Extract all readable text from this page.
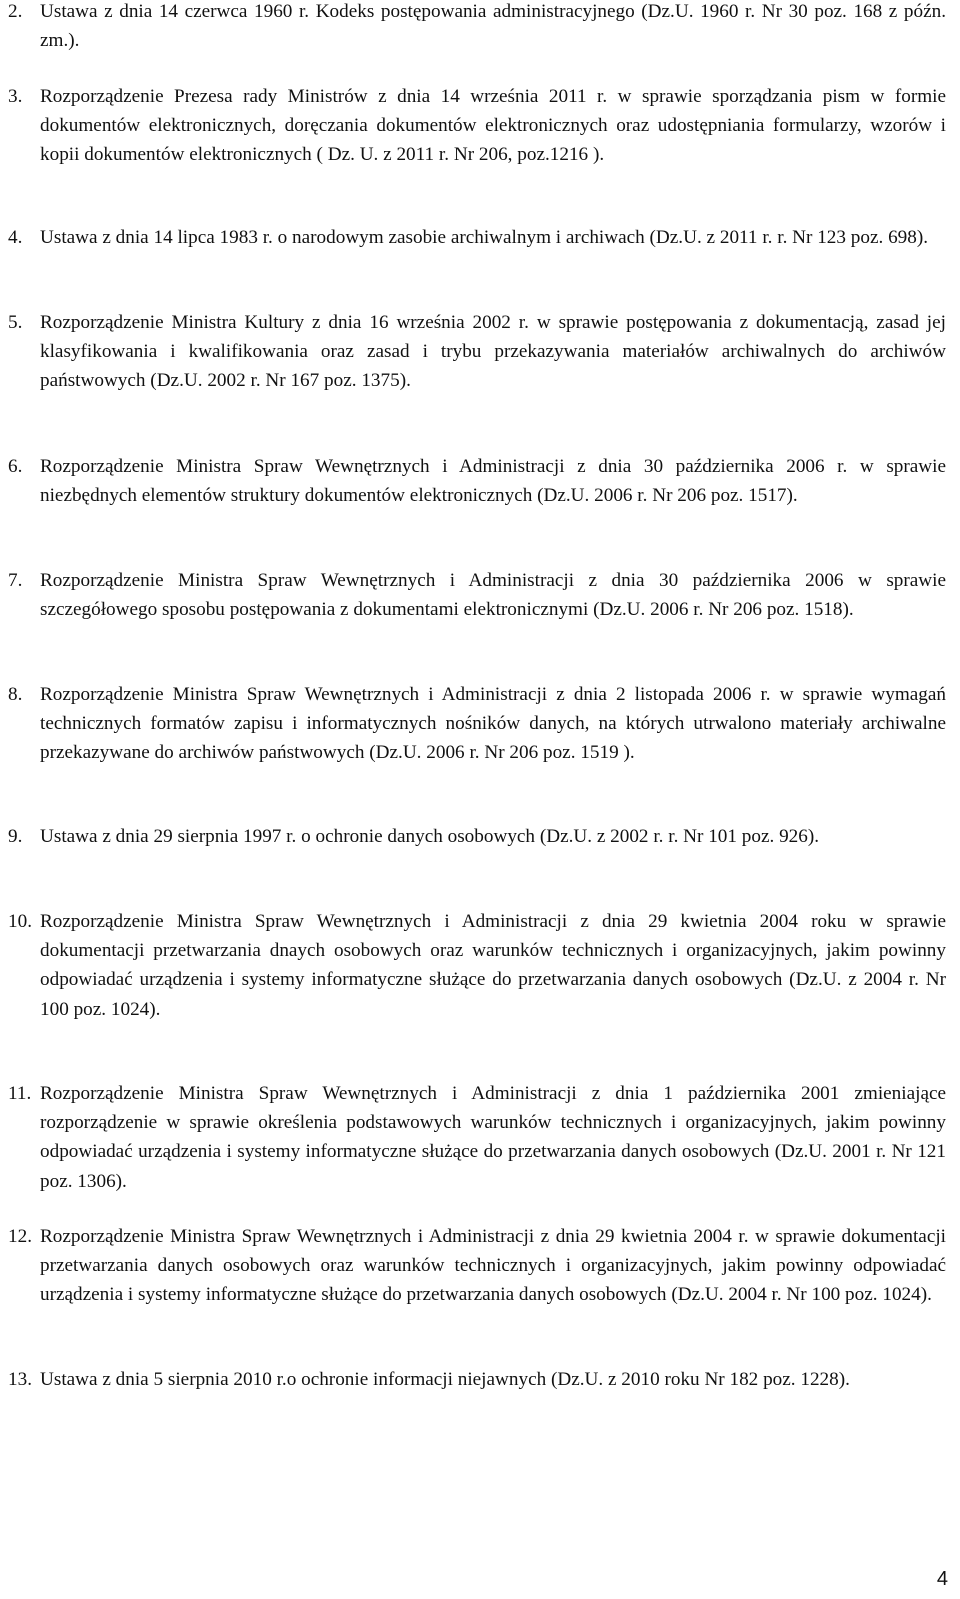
2. Ustawa z dnia 14 czerwca 1960 r. Kodeks postępowania administracyjnego (Dz.U. 1960 r. Nr 30 poz. 168 z późn. zm.).
3. Rozporządzenie Prezesa rady Ministrów z dnia 14 września 2011 r. w sprawie sporządzania pism w formie dokumentów elektronicznych, doręczania dokumentów elektronicznych oraz udostępniania formularzy, wzorów i kopii dokumentów elektronicznych ( Dz. U. z 2011 r. Nr 206, poz.1216 ).
4. Ustawa z dnia 14 lipca 1983 r. o narodowym zasobie archiwalnym i archiwach (Dz.U. z 2011 r. r. Nr 123 poz. 698).
5. Rozporządzenie Ministra Kultury z dnia 16 września 2002 r. w sprawie postępowania z dokumentacją, zasad jej klasyfikowania i kwalifikowania oraz zasad i trybu przekazywania materiałów archiwalnych do archiwów państwowych (Dz.U. 2002 r. Nr 167 poz. 1375).
6. Rozporządzenie Ministra Spraw Wewnętrznych i Administracji z dnia 30 października 2006 r. w sprawie niezbędnych elementów struktury dokumentów elektronicznych (Dz.U. 2006 r. Nr 206 poz. 1517).
7. Rozporządzenie Ministra Spraw Wewnętrznych i Administracji z dnia 30 października 2006 w sprawie szczegółowego sposobu postępowania z dokumentami elektronicznymi (Dz.U. 2006 r. Nr 206 poz. 1518).
8. Rozporządzenie Ministra Spraw Wewnętrznych i Administracji z dnia 2 listopada 2006 r. w sprawie wymagań technicznych formatów zapisu i informatycznych nośników danych, na których utrwalono materiały archiwalne przekazywane do archiwów państwowych (Dz.U. 2006 r. Nr 206 poz. 1519 ).
9. Ustawa z dnia 29 sierpnia 1997 r. o ochronie danych osobowych (Dz.U. z 2002 r. r. Nr 101 poz. 926).
10. Rozporządzenie Ministra Spraw Wewnętrznych i Administracji z dnia 29 kwietnia 2004 roku w sprawie dokumentacji przetwarzania dnaych osobowych oraz warunków technicznych i organizacyjnych, jakim powinny odpowiadać urządzenia i systemy informatyczne służące do przetwarzania danych osobowych (Dz.U. z 2004 r. Nr 100 poz. 1024).
11. Rozporządzenie Ministra Spraw Wewnętrznych i Administracji z dnia 1 października 2001 zmieniające rozporządzenie w sprawie określenia podstawowych warunków technicznych i organizacyjnych, jakim powinny odpowiadać urządzenia i systemy informatyczne służące do przetwarzania danych osobowych (Dz.U. 2001 r. Nr 121 poz. 1306).
12. Rozporządzenie Ministra Spraw Wewnętrznych i Administracji z dnia 29 kwietnia 2004 r. w sprawie dokumentacji przetwarzania danych osobowych oraz warunków technicznych i organizacyjnych, jakim powinny odpowiadać urządzenia i systemy informatyczne służące do przetwarzania danych osobowych (Dz.U. 2004 r. Nr 100 poz. 1024).
13. Ustawa z dnia 5 sierpnia 2010 r.o ochronie informacji niejawnych (Dz.U. z 2010 roku Nr 182 poz. 1228).
4
